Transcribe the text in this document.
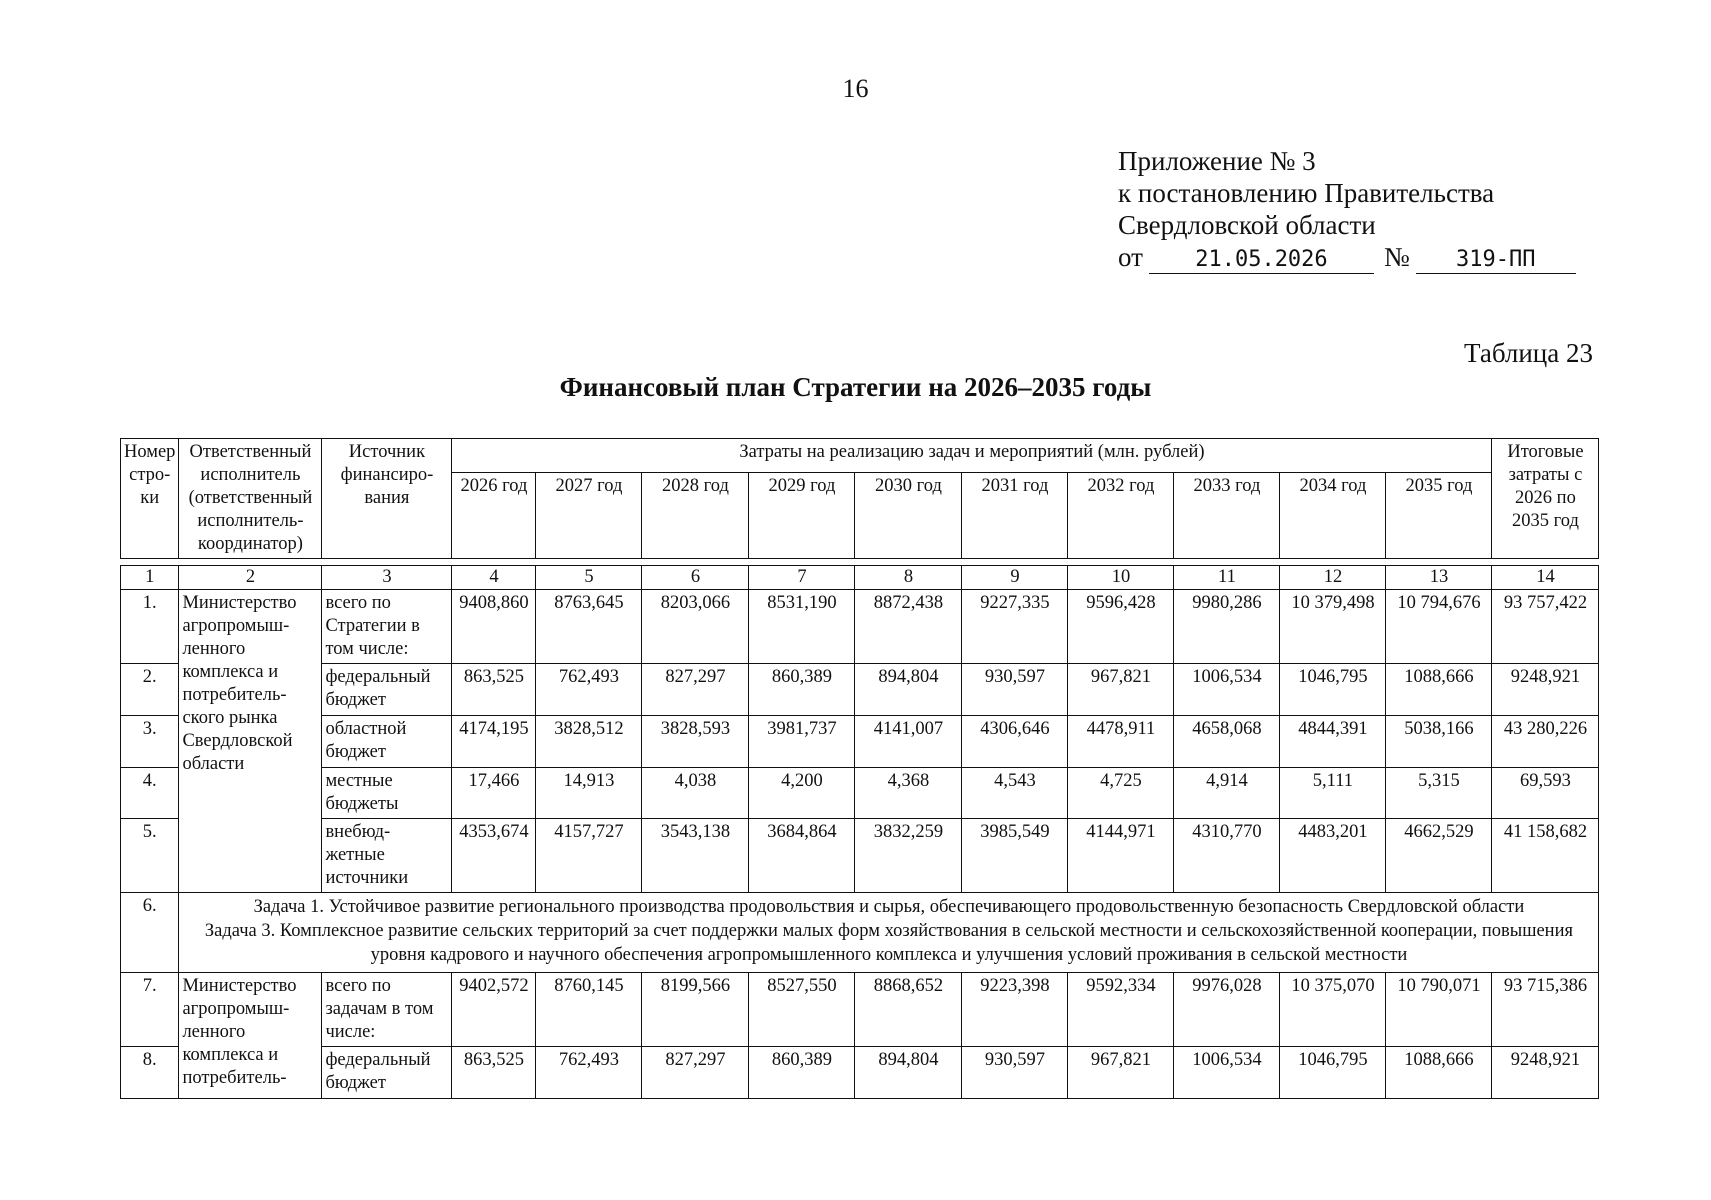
16
Приложение № 3
к постановлению Правительства
Свердловской области
от 21.05.2026 № 319-ПП
Таблица 23
Финансовый план Стратегии на 2026–2035 годы
Номер стро-ки	Ответственный исполнитель (ответственный исполнитель-координатор)	Источник финансиро-вания	Затраты на реализацию задач и мероприятий (млн. рублей)										Итоговые затраты с 2026 по 2035 год
			2026 год	2027 год	2028 год	2029 год	2030 год	2031 год	2032 год	2033 год	2034 год	2035 год	

1	2	3	4	5	6	7	8	9	10	11	12	13	14
1.	Министерство агропромыш-ленного комплекса и потребитель-ского рынка Свердловской области	всего по Стратегии в том числе:	9408,860	8763,645	8203,066	8531,190	8872,438	9227,335	9596,428	9980,286	10 379,498	10 794,676	93 757,422
2.		федеральный бюджет	863,525	762,493	827,297	860,389	894,804	930,597	967,821	1006,534	1046,795	1088,666	9248,921
3.		областной бюджет	4174,195	3828,512	3828,593	3981,737	4141,007	4306,646	4478,911	4658,068	4844,391	5038,166	43 280,226
4.		местные бюджеты	17,466	14,913	4,038	4,200	4,368	4,543	4,725	4,914	5,111	5,315	69,593
5.		внебюд-жетные источники	4353,674	4157,727	3543,138	3684,864	3832,259	3985,549	4144,971	4310,770	4483,201	4662,529	41 158,682
6.	Задача 1. Устойчивое развитие регионального производства продовольствия и сырья, обеспечивающего продовольственную безопасность Свердловской области
Задача 3. Комплексное развитие сельских территорий за счет поддержки малых форм хозяйствования в сельской местности и сельскохозяйственной кооперации, повышения уровня кадрового и научного обеспечения агропромышленного комплекса и улучшения условий проживания в сельской местности												

7.	Министерство агропромыш-ленного комплекса и потребитель-	всего по задачам в том числе:	9402,572	8760,145	8199,566	8527,550	8868,652	9223,398	9592,334	9976,028	10 375,070	10 790,071	93 715,386
8.		федеральный бюджет	863,525	762,493	827,297	860,389	894,804	930,597	967,821	1006,534	1046,795	1088,666	9248,921
